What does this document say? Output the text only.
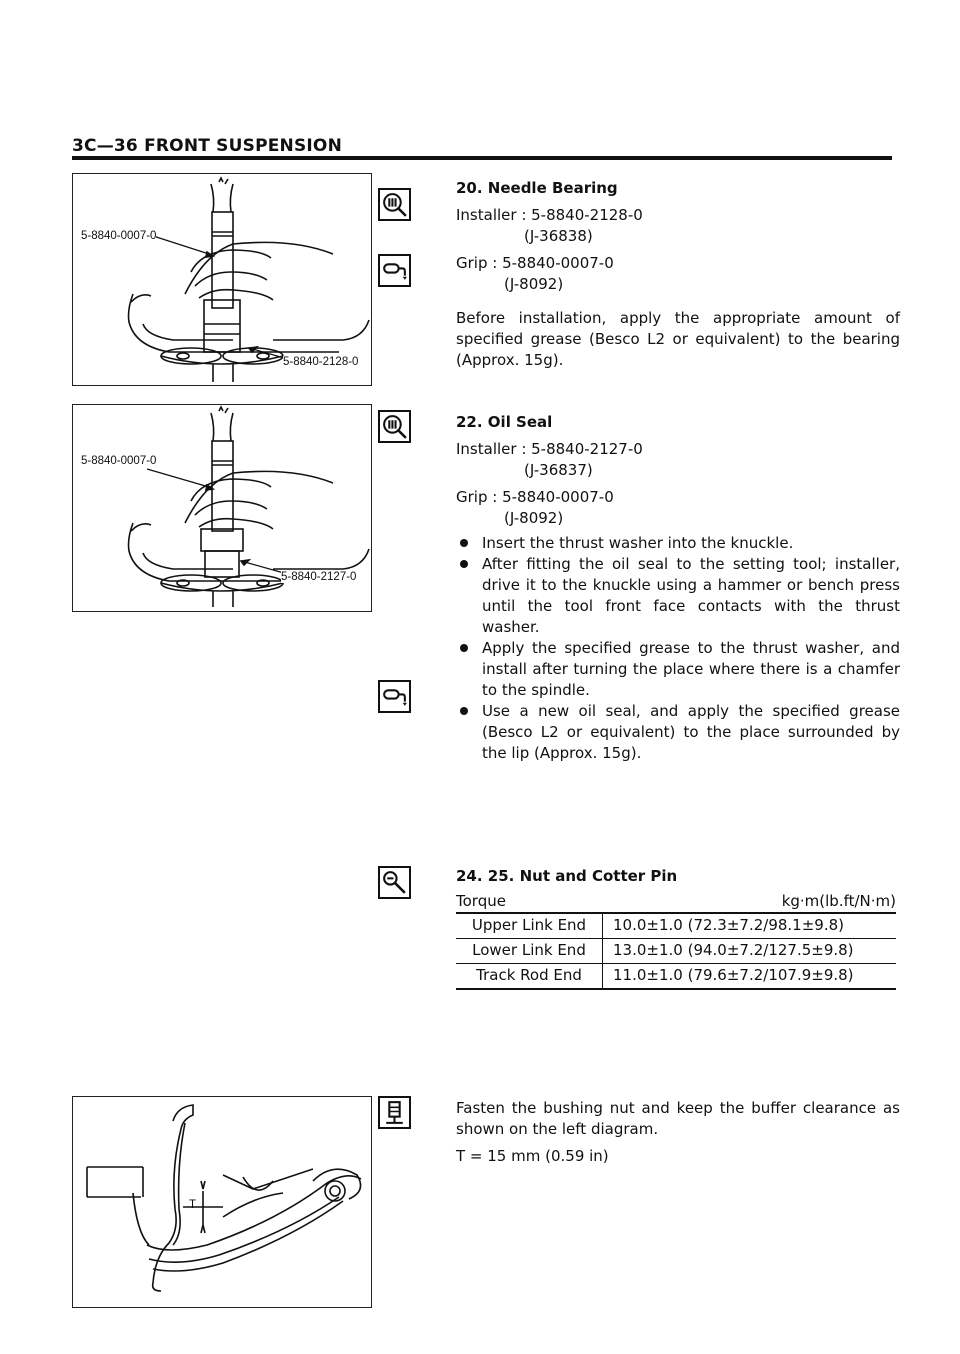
3C—36 FRONT SUSPENSION
5-8840-0007-0
5-8840-2128-0
5-8840-0007-0
5-8840-2127-0
T
20. Needle Bearing
Installer : 5-8840-2128-0
(J-36838)
Grip : 5-8840-0007-0
(J-8092)
Before installation, apply the appropriate amount of specified grease (Besco L2 or equivalent) to the bearing (Approx. 15g).
22. Oil Seal
Installer : 5-8840-2127-0
(J-36837)
Grip : 5-8840-0007-0
(J-8092)
Insert the thrust washer into the knuckle.
After fitting the oil seal to the setting tool; installer, drive it to the knuckle using a hammer or bench press until the tool front face contacts with the thrust washer.
Apply the specified grease to the thrust washer, and install after turning the place where there is a chamfer to the spindle.
Use a new oil seal, and apply the specified grease (Besco L2 or equivalent) to the place surrounded by the lip (Approx. 15g).
24. 25. Nut and Cotter Pin
Torque	kg·m(lb.ft/N·m)
Upper Link End	10.0±1.0 (72.3±7.2/98.1±9.8)
Lower Link End	13.0±1.0 (94.0±7.2/127.5±9.8)
Track Rod End	11.0±1.0 (79.6±7.2/107.9±9.8)
Fasten the bushing nut and keep the buffer clearance as shown on the left diagram.
T = 15 mm (0.59 in)
